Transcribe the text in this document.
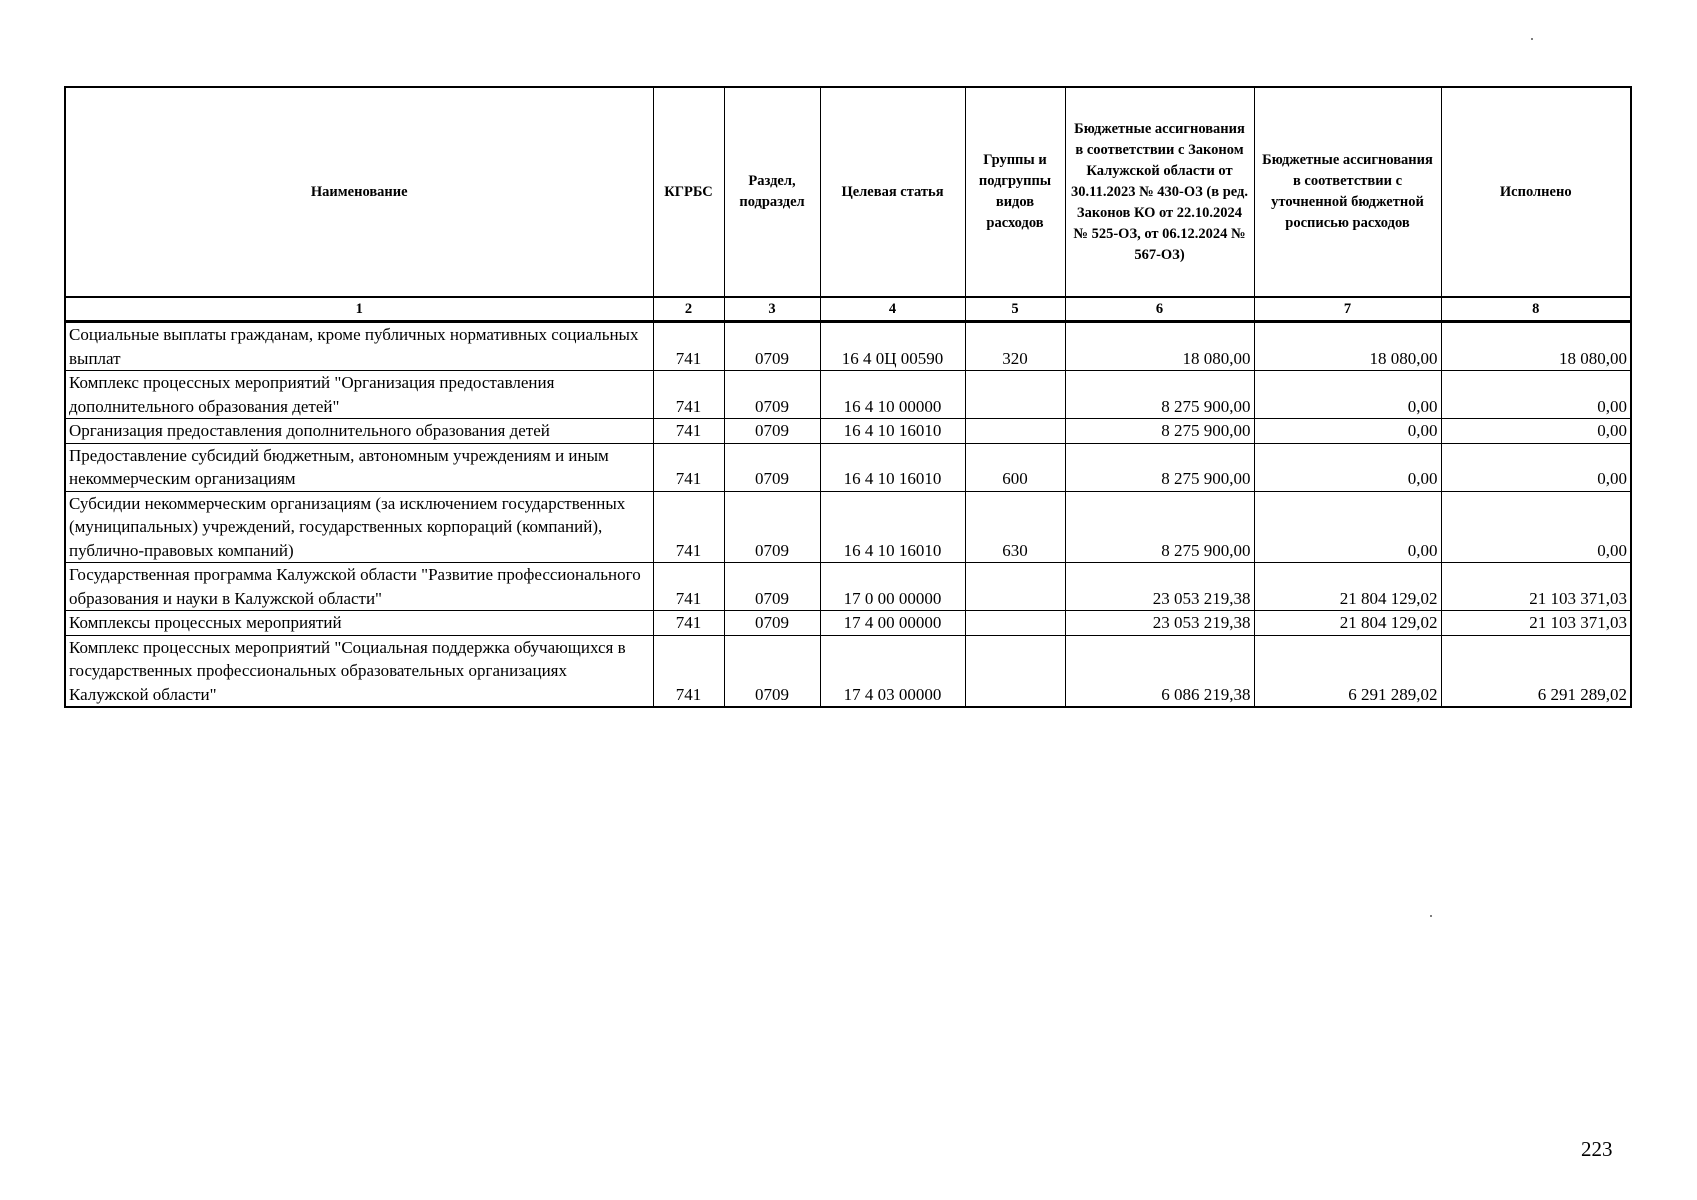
Наименование	КГРБС	Раздел, подраздел	Целевая статья	Группы и подгруппы видов расходов	Бюджетные ассигнования в соответствии с Законом Калужской области от 30.11.2023 № 430-ОЗ (в ред. Законов КО от 22.10.2024 № 525-ОЗ, от 06.12.2024 № 567-ОЗ)	Бюджетные ассигнования в соответствии с уточненной бюджетной росписью расходов	Исполнено
1	2	3	4	5	6	7	8
Социальные выплаты гражданам, кроме публичных нормативных социальных выплат	741	0709	16 4 0Ц 00590	320	18 080,00	18 080,00	18 080,00
Комплекс процессных мероприятий "Организация предоставления дополнительного образования детей"	741	0709	16 4 10 00000		8 275 900,00	0,00	0,00
Организация предоставления дополнительного образования детей	741	0709	16 4 10 16010		8 275 900,00	0,00	0,00
Предоставление субсидий бюджетным, автономным учреждениям и иным некоммерческим организациям	741	0709	16 4 10 16010	600	8 275 900,00	0,00	0,00
Субсидии некоммерческим организациям (за исключением государственных (муниципальных) учреждений, государственных корпораций (компаний), публично-правовых компаний)	741	0709	16 4 10 16010	630	8 275 900,00	0,00	0,00
Государственная программа Калужской области "Развитие профессионального образования и науки в Калужской области"	741	0709	17 0 00 00000		23 053 219,38	21 804 129,02	21 103 371,03
Комплексы процессных мероприятий	741	0709	17 4 00 00000		23 053 219,38	21 804 129,02	21 103 371,03
Комплекс процессных мероприятий "Социальная поддержка обучающихся в государственных профессиональных образовательных организациях Калужской области"	741	0709	17 4 03 00000		6 086 219,38	6 291 289,02	6 291 289,02
223
